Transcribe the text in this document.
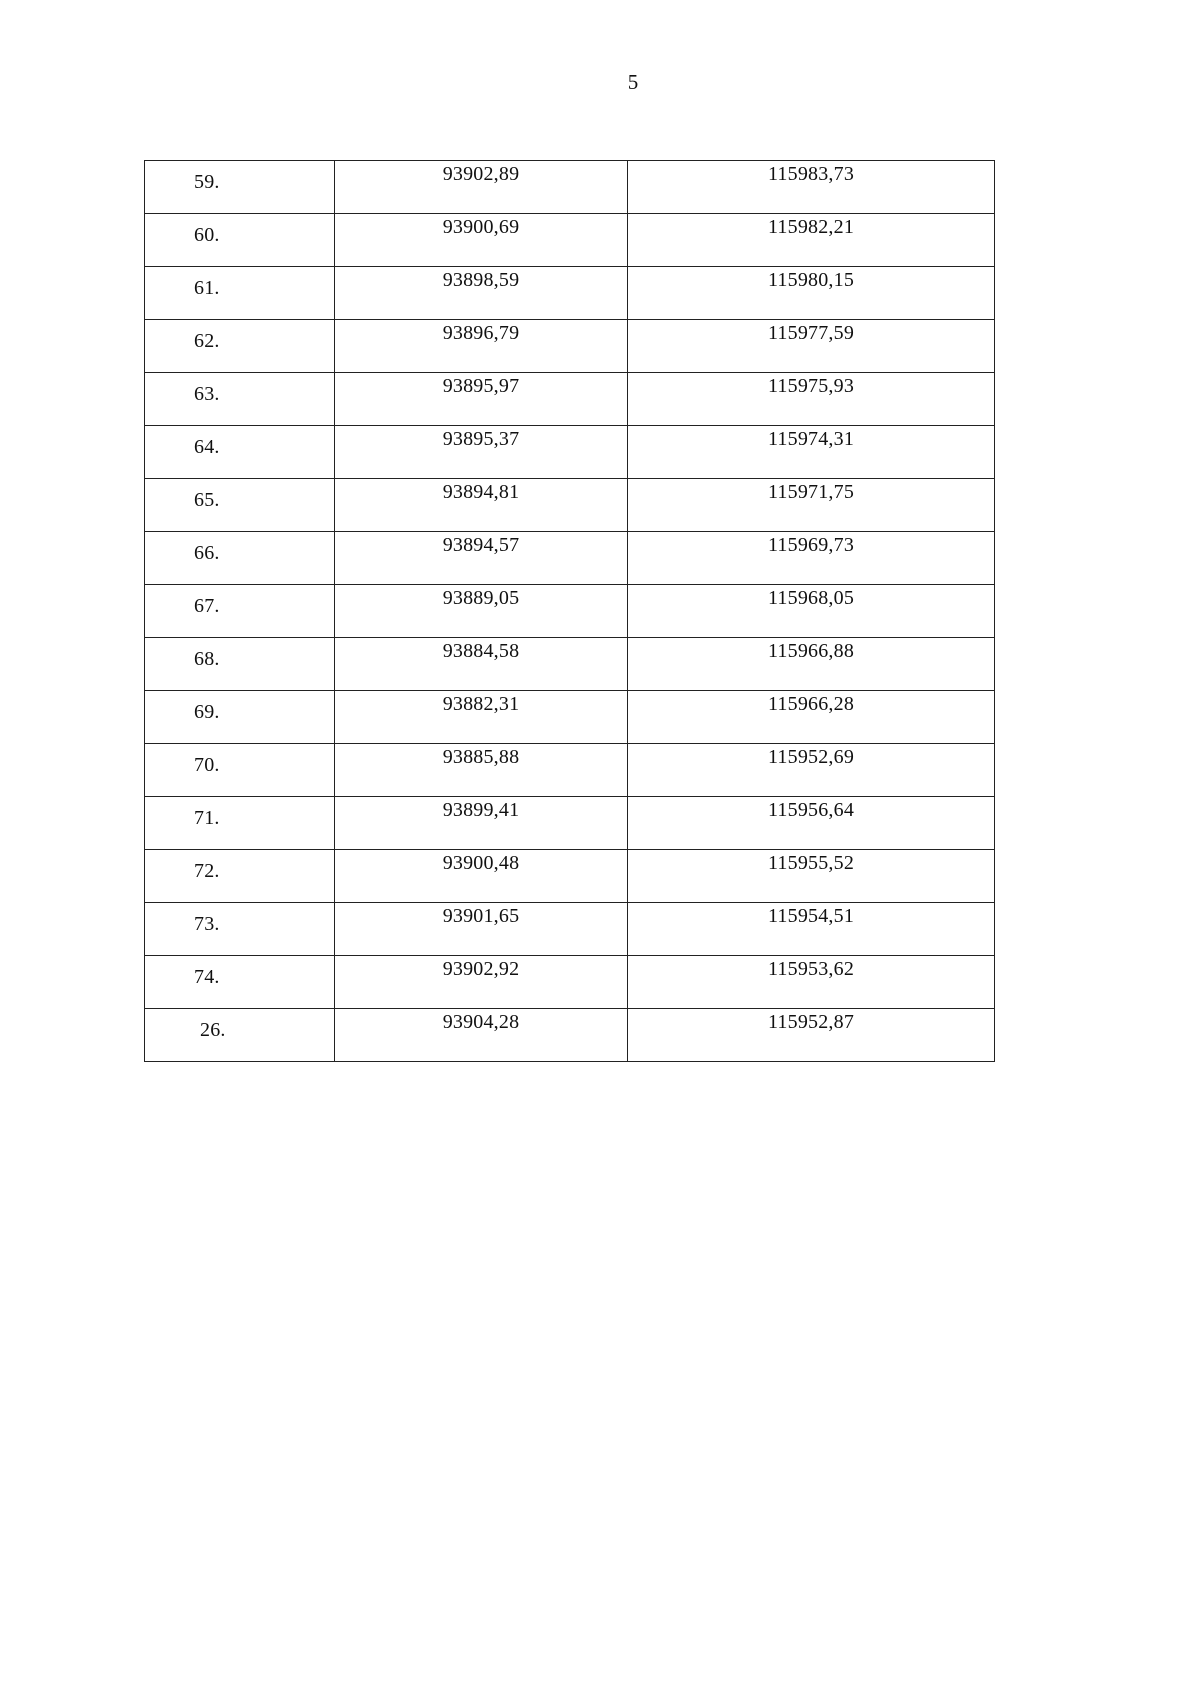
5
59.	93902,89	115983,73
60.	93900,69	115982,21
61.	93898,59	115980,15
62.	93896,79	115977,59
63.	93895,97	115975,93
64.	93895,37	115974,31
65.	93894,81	115971,75
66.	93894,57	115969,73
67.	93889,05	115968,05
68.	93884,58	115966,88
69.	93882,31	115966,28
70.	93885,88	115952,69
71.	93899,41	115956,64
72.	93900,48	115955,52
73.	93901,65	115954,51
74.	93902,92	115953,62
26.	93904,28	115952,87
